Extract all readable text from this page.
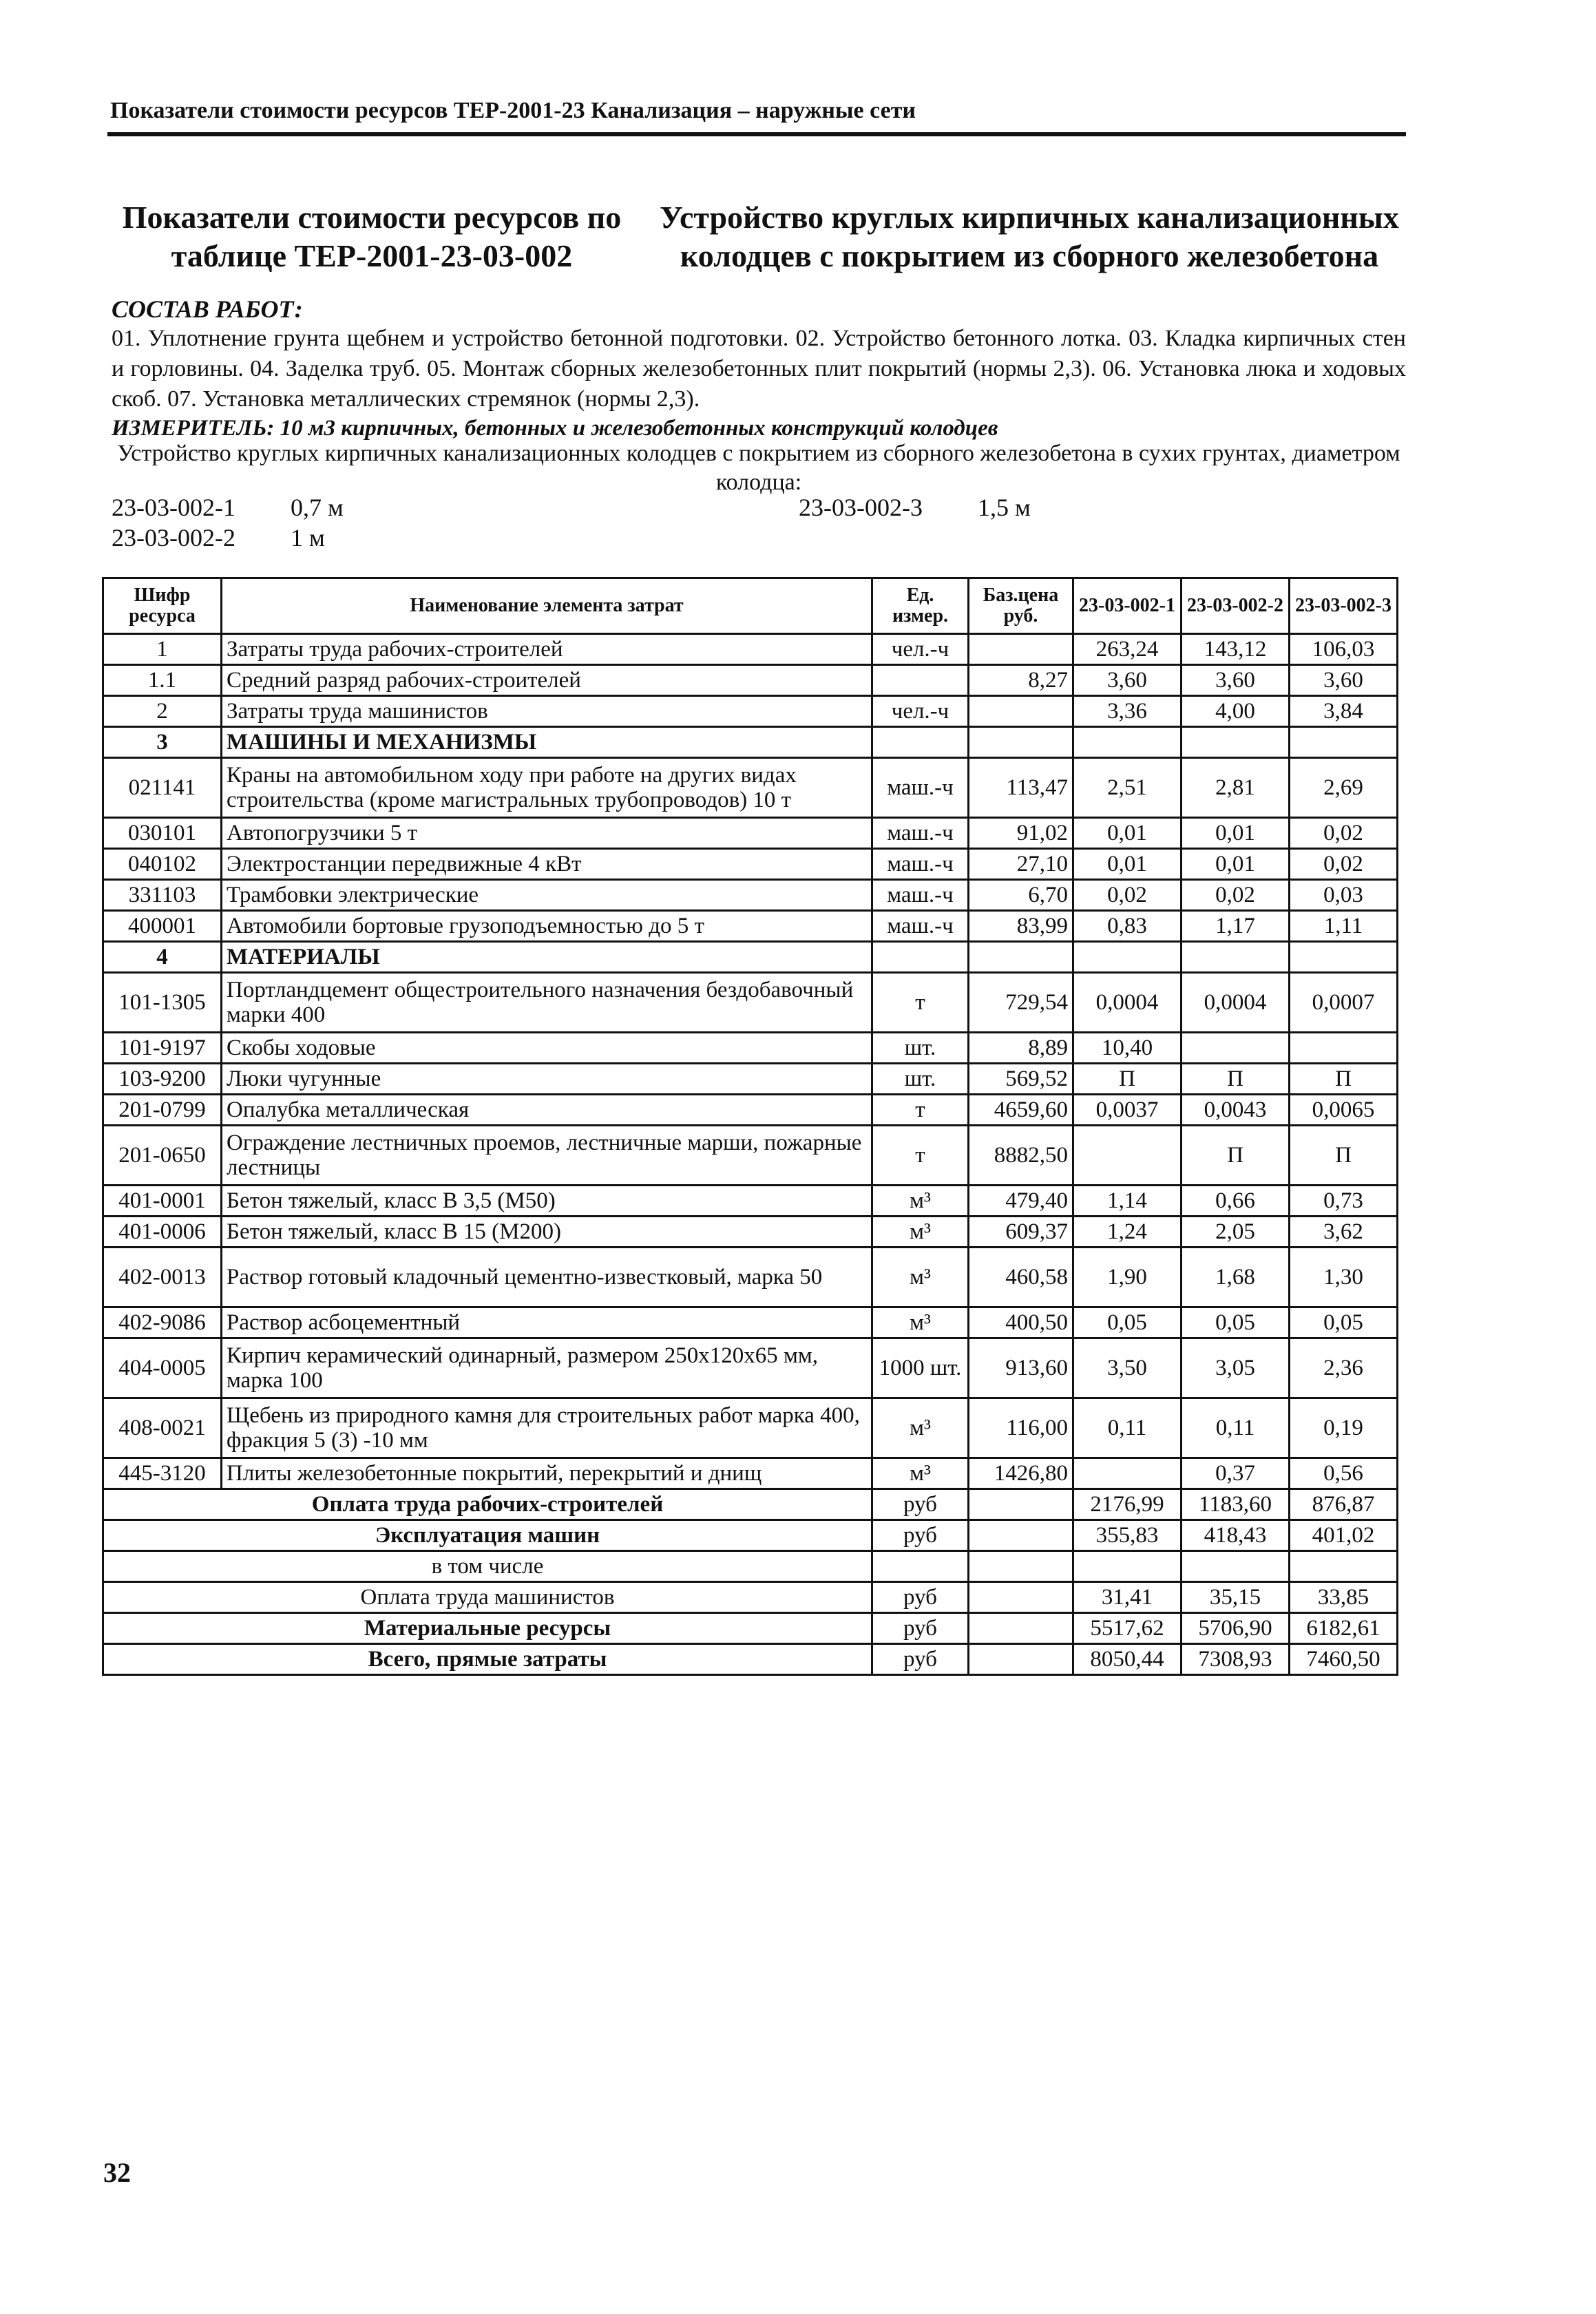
Показатели стоимости ресурсов ТЕР-2001-23 Канализация – наружные сети
Показатели стоимости ресурсов по таблице ТЕР-2001-23-03-002
Устройство круглых кирпичных канализационных колодцев с покрытием из сборного железобетона
СОСТАВ РАБОТ:
01. Уплотнение грунта щебнем и устройство бетонной подготовки. 02. Устройство бетонного лотка. 03. Кладка кирпичных стен и горловины. 04. Заделка труб. 05. Монтаж сборных железобетонных плит покрытий (нормы 2,3). 06. Установка люка и ходовых скоб. 07. Установка металлических стремянок (нормы 2,3).
ИЗМЕРИТЕЛЬ: 10 м3 кирпичных, бетонных и железобетонных конструкций колодцев
Устройство круглых кирпичных канализационных колодцев с покрытием из сборного железобетона в сухих грунтах, диаметром колодца:
23-03-002-1 0,7 м
23-03-002-2 1 м
23-03-002-3 1,5 м
Шифр ресурса	Наименование элемента затрат	Ед. измер.	Баз.цена руб.	23-03-002-1	23-03-002-2	23-03-002-3
1	Затраты труда рабочих-строителей	чел.-ч		263,24	143,12	106,03
1.1	Средний разряд рабочих-строителей		8,27	3,60	3,60	3,60
2	Затраты труда машинистов	чел.-ч		3,36	4,00	3,84
3	МАШИНЫ И МЕХАНИЗМЫ					
021141	Краны на автомобильном ходу при работе на других видах строительства (кроме магистральных трубопроводов) 10 т	маш.-ч	113,47	2,51	2,81	2,69
030101	Автопогрузчики 5 т	маш.-ч	91,02	0,01	0,01	0,02
040102	Электростанции передвижные 4 кВт	маш.-ч	27,10	0,01	0,01	0,02
331103	Трамбовки электрические	маш.-ч	6,70	0,02	0,02	0,03
400001	Автомобили бортовые грузоподъемностью до 5 т	маш.-ч	83,99	0,83	1,17	1,11
4	МАТЕРИАЛЫ					
101-1305	Портландцемент общестроительного назначения бездобавочный марки 400	т	729,54	0,0004	0,0004	0,0007
101-9197	Скобы ходовые	шт.	8,89	10,40		
103-9200	Люки чугунные	шт.	569,52	П	П	П
201-0799	Опалубка металлическая	т	4659,60	0,0037	0,0043	0,0065
201-0650	Ограждение лестничных проемов, лестничные марши, пожарные лестницы	т	8882,50		П	П
401-0001	Бетон тяжелый, класс В 3,5 (М50)	м³	479,40	1,14	0,66	0,73
401-0006	Бетон тяжелый, класс В 15 (М200)	м³	609,37	1,24	2,05	3,62
402-0013	Раствор готовый кладочный цементно-известковый, марка 50	м³	460,58	1,90	1,68	1,30
402-9086	Раствор асбоцементный	м³	400,50	0,05	0,05	0,05
404-0005	Кирпич керамический одинарный, размером 250х120х65 мм, марка 100	1000 шт.	913,60	3,50	3,05	2,36
408-0021	Щебень из природного камня для строительных работ марка 400, фракция 5 (3) -10 мм	м³	116,00	0,11	0,11	0,19
445-3120	Плиты железобетонные покрытий, перекрытий и днищ	м³	1426,80		0,37	0,56
Оплата труда рабочих-строителей		руб		2176,99	1183,60	876,87
Эксплуатация машин		руб		355,83	418,43	401,02
в том числе						
Оплата труда машинистов		руб		31,41	35,15	33,85
Материальные ресурсы		руб		5517,62	5706,90	6182,61
Всего, прямые затраты		руб		8050,44	7308,93	7460,50
32
